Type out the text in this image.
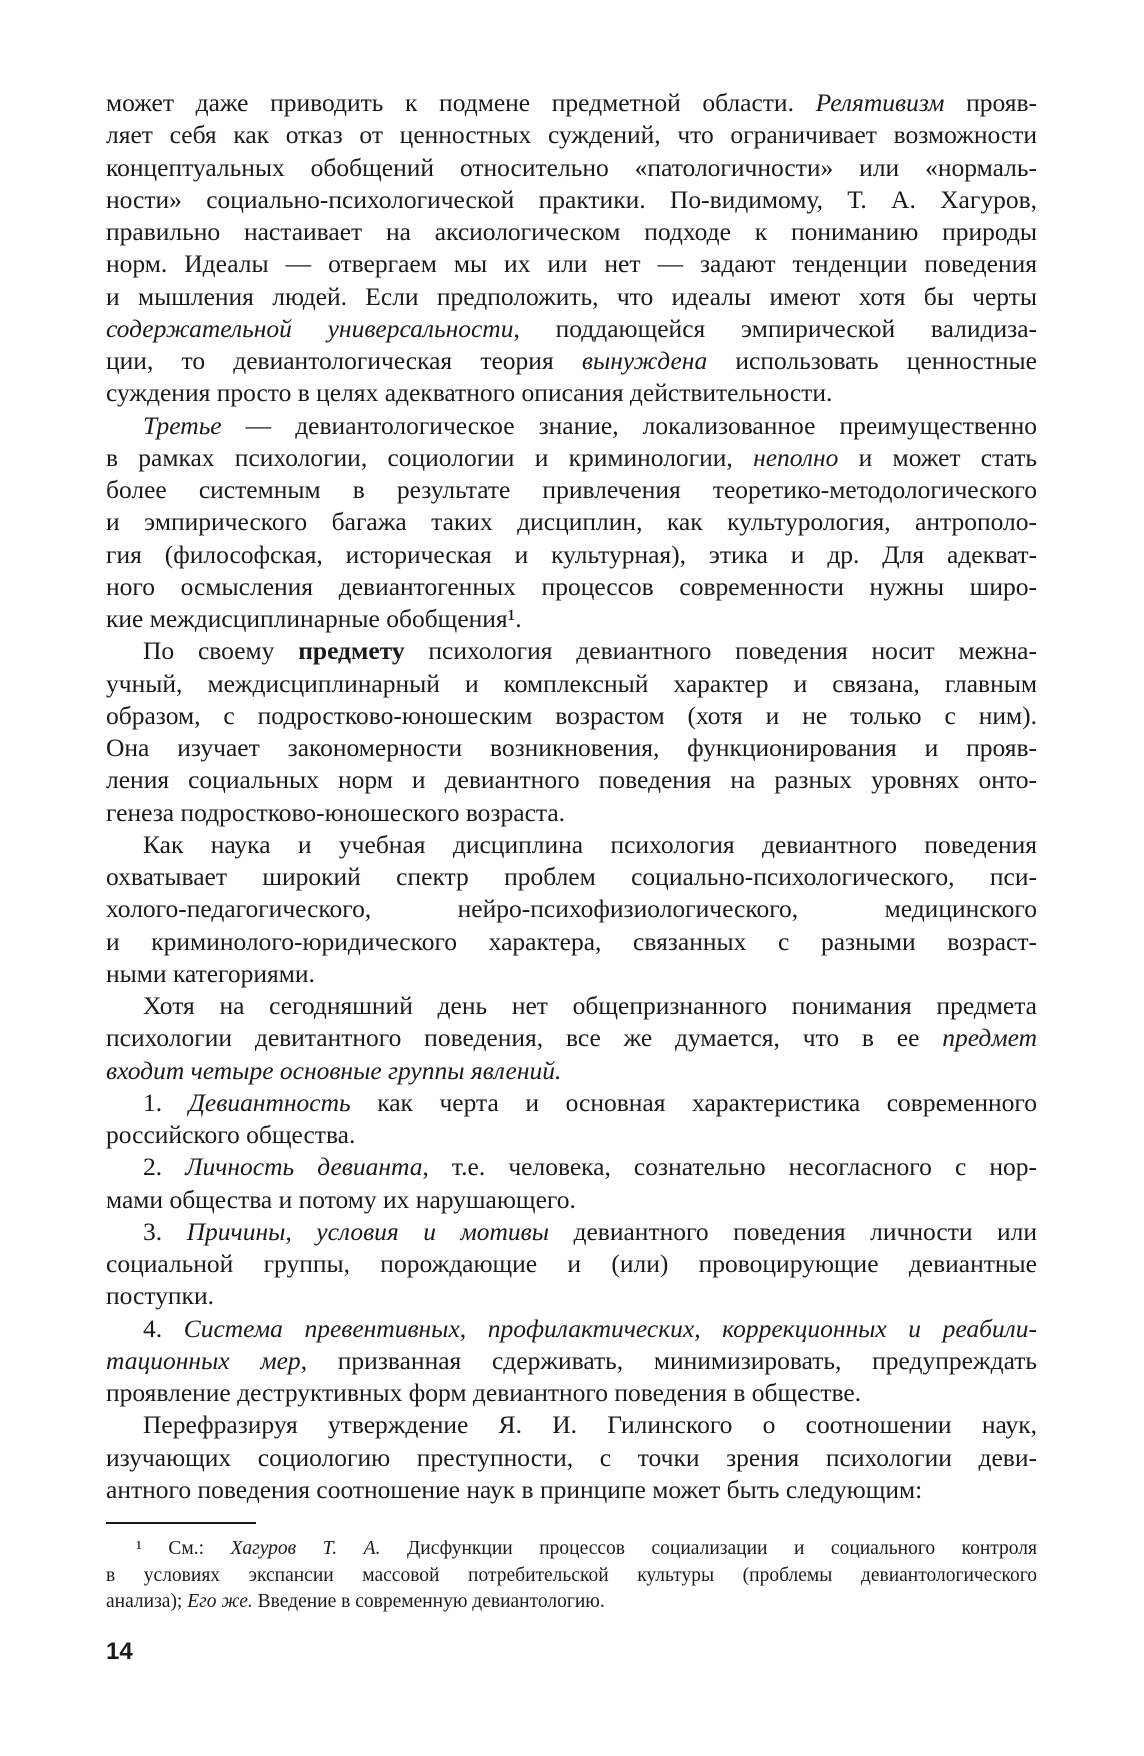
может даже приводить к подмене предметной области. Релятивизм прояв-
ляет себя как отказ от ценностных суждений, что ограничивает возможности
концептуальных обобщений относительно «патологичности» или «нормаль-
ности» социально-психологической практики. По-видимому, Т. А. Хагуров,
правильно настаивает на аксиологическом подходе к пониманию природы
норм. Идеалы — отвергаем мы их или нет — задают тенденции поведения
и мышления людей. Если предположить, что идеалы имеют хотя бы черты
содержательной универсальности, поддающейся эмпирической валидиза-
ции, то девиантологическая теория вынуждена использовать ценностные
суждения просто в целях адекватного описания действительности.
Третье — девиантологическое знание, локализованное преимущественно
в рамках психологии, социологии и криминологии, неполно и может стать
более системным в результате привлечения теоретико-методологического
и эмпирического багажа таких дисциплин, как культурология, антрополо-
гия (философская, историческая и культурная), этика и др. Для адекват-
ного осмысления девиантогенных процессов современности нужны широ-
кие междисциплинарные обобщения¹.
По своему предмету психология девиантного поведения носит межна-
учный, междисциплинарный и комплексный характер и связана, главным
образом, с подростково-юношеским возрастом (хотя и не только с ним).
Она изучает закономерности возникновения, функционирования и прояв-
ления социальных норм и девиантного поведения на разных уровнях онто-
генеза подростково-юношеского возраста.
Как наука и учебная дисциплина психология девиантного поведения
охватывает широкий спектр проблем социально-психологического, пси-
холого-педагогического, нейро-психофизиологического, медицинского
и криминолого-юридического характера, связанных с разными возраст-
ными категориями.
Хотя на сегодняшний день нет общепризнанного понимания предмета
психологии девитантного поведения, все же думается, что в ее предмет
входит четыре основные группы явлений.
1. Девиантность как черта и основная характеристика современного
российского общества.
2. Личность девианта, т.е. человека, сознательно несогласного с нор-
мами общества и потому их нарушающего.
3. Причины, условия и мотивы девиантного поведения личности или
социальной группы, порождающие и (или) провоцирующие девиантные
поступки.
4. Система превентивных, профилактических, коррекционных и реабили-
тационных мер, призванная сдерживать, минимизировать, предупреждать
проявление деструктивных форм девиантного поведения в обществе.
Перефразируя утверждение Я. И. Гилинского о соотношении наук,
изучающих социологию преступности, с точки зрения психологии деви-
антного поведения соотношение наук в принципе может быть следующим:
¹ См.: Хагуров Т. А. Дисфункции процессов социализации и социального контроля
в условиях экспансии массовой потребительской культуры (проблемы девиантологического
анализа); Его же. Введение в современную девиантологию.
14
